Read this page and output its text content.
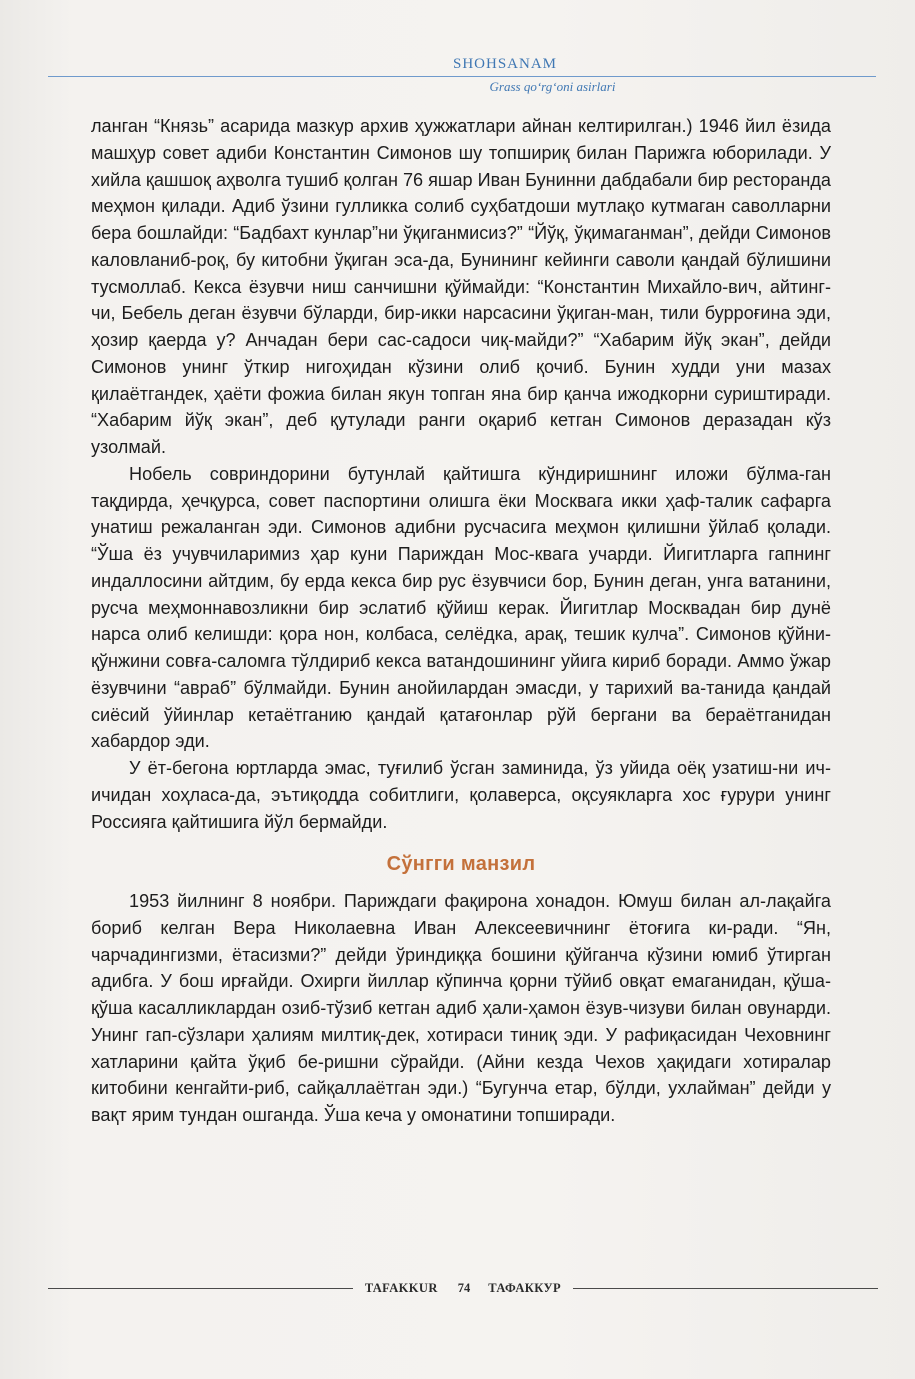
SHOHSANAM
Grass qo‘rg‘oni asirlari

ланган “Князь” асарида мазкур архив ҳужжатлари айнан келтирилган.) 1946 йил ёзида машҳур совет адиби Константин Симонов шу топшириқ билан Парижга юборилади. У хийла қашшоқ аҳволга тушиб қолган 76 яшар Иван Бунинни дабдабали бир ресторанда меҳмон қилади. Адиб ўзини гулликка солиб суҳбатдоши мутлақо кутмаган саволларни бера бошлайди: “Бадбахт кунлар”ни ўқиганмисиз?” “Йўқ, ўқимаганман”, дейди Симонов каловланиб-роқ, бу китобни ўқиган эса-да, Бунининг кейинги саволи қандай бўлишини тусмоллаб. Кекса ёзувчи ниш санчишни қўймайди: “Константин Михайло-вич, айтинг-чи, Бебель деган ёзувчи бўларди, бир-икки нарсасини ўқиган-ман, тили бурроғина эди, ҳозир қаерда у? Анчадан бери сас-садоси чиқ-майди?” “Хабарим йўқ экан”, дейди Симонов унинг ўткир нигоҳидан кўзини олиб қочиб. Бунин худди уни мазах қилаётгандек, ҳаёти фожиа билан якун топган яна бир қанча ижодкорни суриштиради. “Хабарим йўқ экан”, деб қутулади ранги оқариб кетган Симонов деразадан кўз узолмай.

Нобель совриндорини бутунлай қайтишга кўндиришнинг иложи бўлма-ган тақдирда, ҳечқурса, совет паспортини олишга ёки Москвага икки ҳаф-талик сафарга унатиш режаланган эди. Симонов адибни русчасига меҳмон қилишни ўйлаб қолади. “Ўша ёз учувчиларимиз ҳар куни Париждан Мос-квага учарди. Йигитларга гапнинг индаллосини айтдим, бу ерда кекса бир рус ёзувчиси бор, Бунин деган, унга ватанини, русча меҳмоннавозликни бир эслатиб қўйиш керак. Йигитлар Москвадан бир дунё нарса олиб келишди: қора нон, колбаса, селёдка, арақ, тешик кулча”. Симонов қўйни-қўнжини совға-саломга тўлдириб кекса ватандошининг уйига кириб боради. Аммо ўжар ёзувчини “авраб” бўлмайди. Бунин анойилардан эмасди, у тарихий ва-танида қандай сиёсий ўйинлар кетаётганию қандай қатағонлар рўй бергани ва бераётганидан хабардор эди.

У ёт-бегона юртларда эмас, туғилиб ўсган заминида, ўз уйида оёқ узатиш-ни ич-ичидан хоҳласа-да, эътиқодда собитлиги, қолаверса, оқсуякларга хос ғурури унинг Россияга қайтишига йўл бермайди.

Сўнгги манзил

1953 йилнинг 8 ноябри. Париждаги фақирона хонадон. Юмуш билан ал-лақайга бориб келган Вера Николаевна Иван Алексеевичнинг ётоғига ки-ради. “Ян, чарчадингизми, ётасизми?” дейди ўриндиққа бошини қўйганча кўзини юмиб ўтирган адибга. У бош ирғайди. Охирги йиллар кўпинча қорни тўйиб овқат емаганидан, қўша-қўша касалликлардан озиб-тўзиб кетган адиб ҳали-ҳамон ёзув-чизуви билан овунарди. Унинг гап-сўзлари ҳалиям милтиқ-дек, хотираси тиниқ эди. У рафиқасидан Чеховнинг хатларини қайта ўқиб бе-ришни сўрайди. (Айни кезда Чехов ҳақидаги хотиралар китобини кенгайти-риб, сайқаллаётган эди.) “Бугунча етар, бўлди, ухлайман” дейди у вақт ярим тундан ошганда. Ўша кеча у омонатини топширади.

TAFAKKUR 74 ТАФАККУР
